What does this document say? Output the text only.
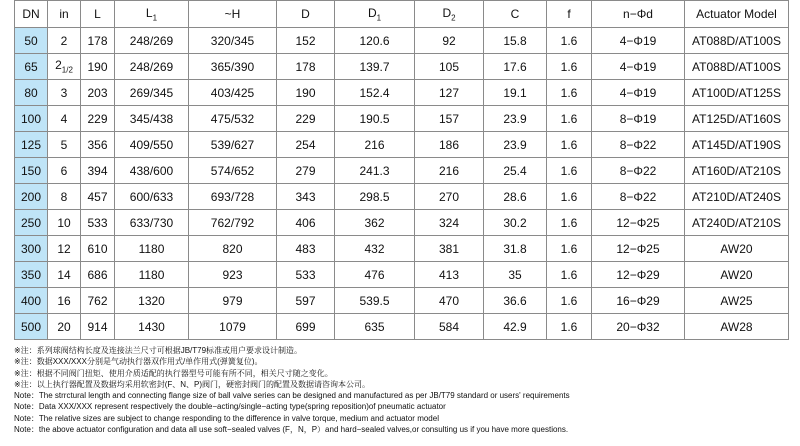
DN	in	L	$L_1$	~H	D	$D_1$	$D_2$	C	f	n−Φd	Actuator Model
50	2	178	248/269	320/345	152	120.6	92	15.8	1.6	4−Φ19	AT088D/AT100S
65	$2_{1/2}$	190	248/269	365/390	178	139.7	105	17.6	1.6	4−Φ19	AT088D/AT100S
80	3	203	269/345	403/425	190	152.4	127	19.1	1.6	4−Φ19	AT100D/AT125S
100	4	229	345/438	475/532	229	190.5	157	23.9	1.6	8−Φ19	AT125D/AT160S
125	5	356	409/550	539/627	254	216	186	23.9	1.6	8−Φ22	AT145D/AT190S
150	6	394	438/600	574/652	279	241.3	216	25.4	1.6	8−Φ22	AT160D/AT210S
200	8	457	600/633	693/728	343	298.5	270	28.6	1.6	8−Φ22	AT210D/AT240S
250	10	533	633/730	762/792	406	362	324	30.2	1.6	12−Φ25	AT240D/AT210S
300	12	610	1180	820	483	432	381	31.8	1.6	12−Φ25	AW20
350	14	686	1180	923	533	476	413	35	1.6	12−Φ29	AW20
400	16	762	1320	979	597	539.5	470	36.6	1.6	16−Φ29	AW25
500	20	914	1430	1079	699	635	584	42.9	1.6	20−Φ32	AW28
※注：系列球阀结构长度及连接法兰尺寸可根据JB/T79标准或用户要求设计制造。
※注：数据XXX/XXX分别是气动执行器双作用式/单作用式(弹簧复位)。
※注：根据不同阀门扭矩、使用介质适配的执行器型号可能有所不同，相关尺寸随之变化。
※注：以上执行器配置及数据均采用软密封(F、N、P)阀门，硬密封阀门的配置及数据请咨询本公司。
Note：The strrctural length and connecting flange size of ball valve series can be designed and manufactured as per JB/T79 standard or users' requirements
Note：Data XXX/XXX represent respectively the double−acting/single−acting type(spring reposition)of pneumatic actuator
Note：The relative sizes are subject to change responding to the difference in valve torque, medium and actuator model
Note：the above actuator configuration and data all use soft−sealed valves (F，N，P）and hard−sealed valves,or consulting us if you have more questions.
